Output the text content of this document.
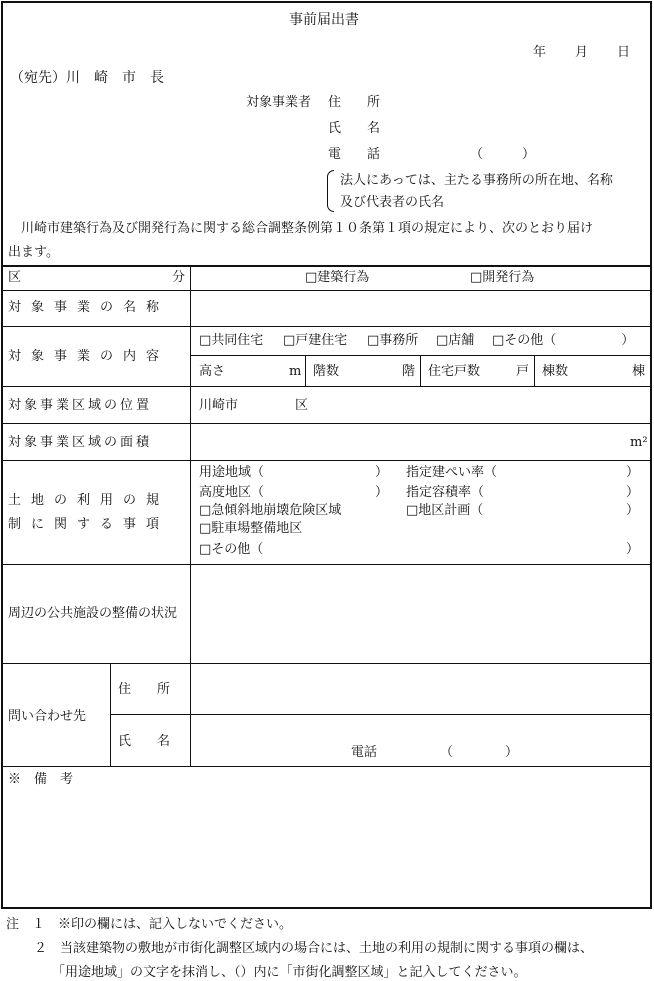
事前届出書
年 月 日
（宛先）川　崎　市　長
対象事業者 住　　所
氏　　名
電　　話	（　　　）
法人にあっては、主たる事務所の所在地、名称
及び代表者の氏名
　川崎市建築行為及び開発行為に関する総合調整条例第１０条第１項の規定により、次のとおり届け
出ます。
区	分	□建築行為	□開発行為
対象事業の名称
対象事業の内容
□共同住宅 □戸建住宅 □事務所 □店舗 □その他（　　　　　）
高さ	m 階数	階 住宅戸数	戸 棟数	棟
対象事業区域の位置	川崎市	区
対象事業区域の面積	m²
土地の利用の規
制に関する事項
用途地域（	） 指定建ぺい率（	）
高度地区（	） 指定容積率（	）
□急傾斜地崩壊危険区域	□地区計画（	）
□駐車場整備地区
□その他（	）
周辺の公共施設の整備の状況
問い合わせ先
住　　所
氏　　名
電話	（　　　　）
※　備　考
注　１　※印の欄には、記入しないでください。
２　当該建築物の敷地が市街化調整区域内の場合には、土地の利用の規制に関する事項の欄は、
「用途地域」の文字を抹消し、（）内に「市街化調整区域」と記入してください。
